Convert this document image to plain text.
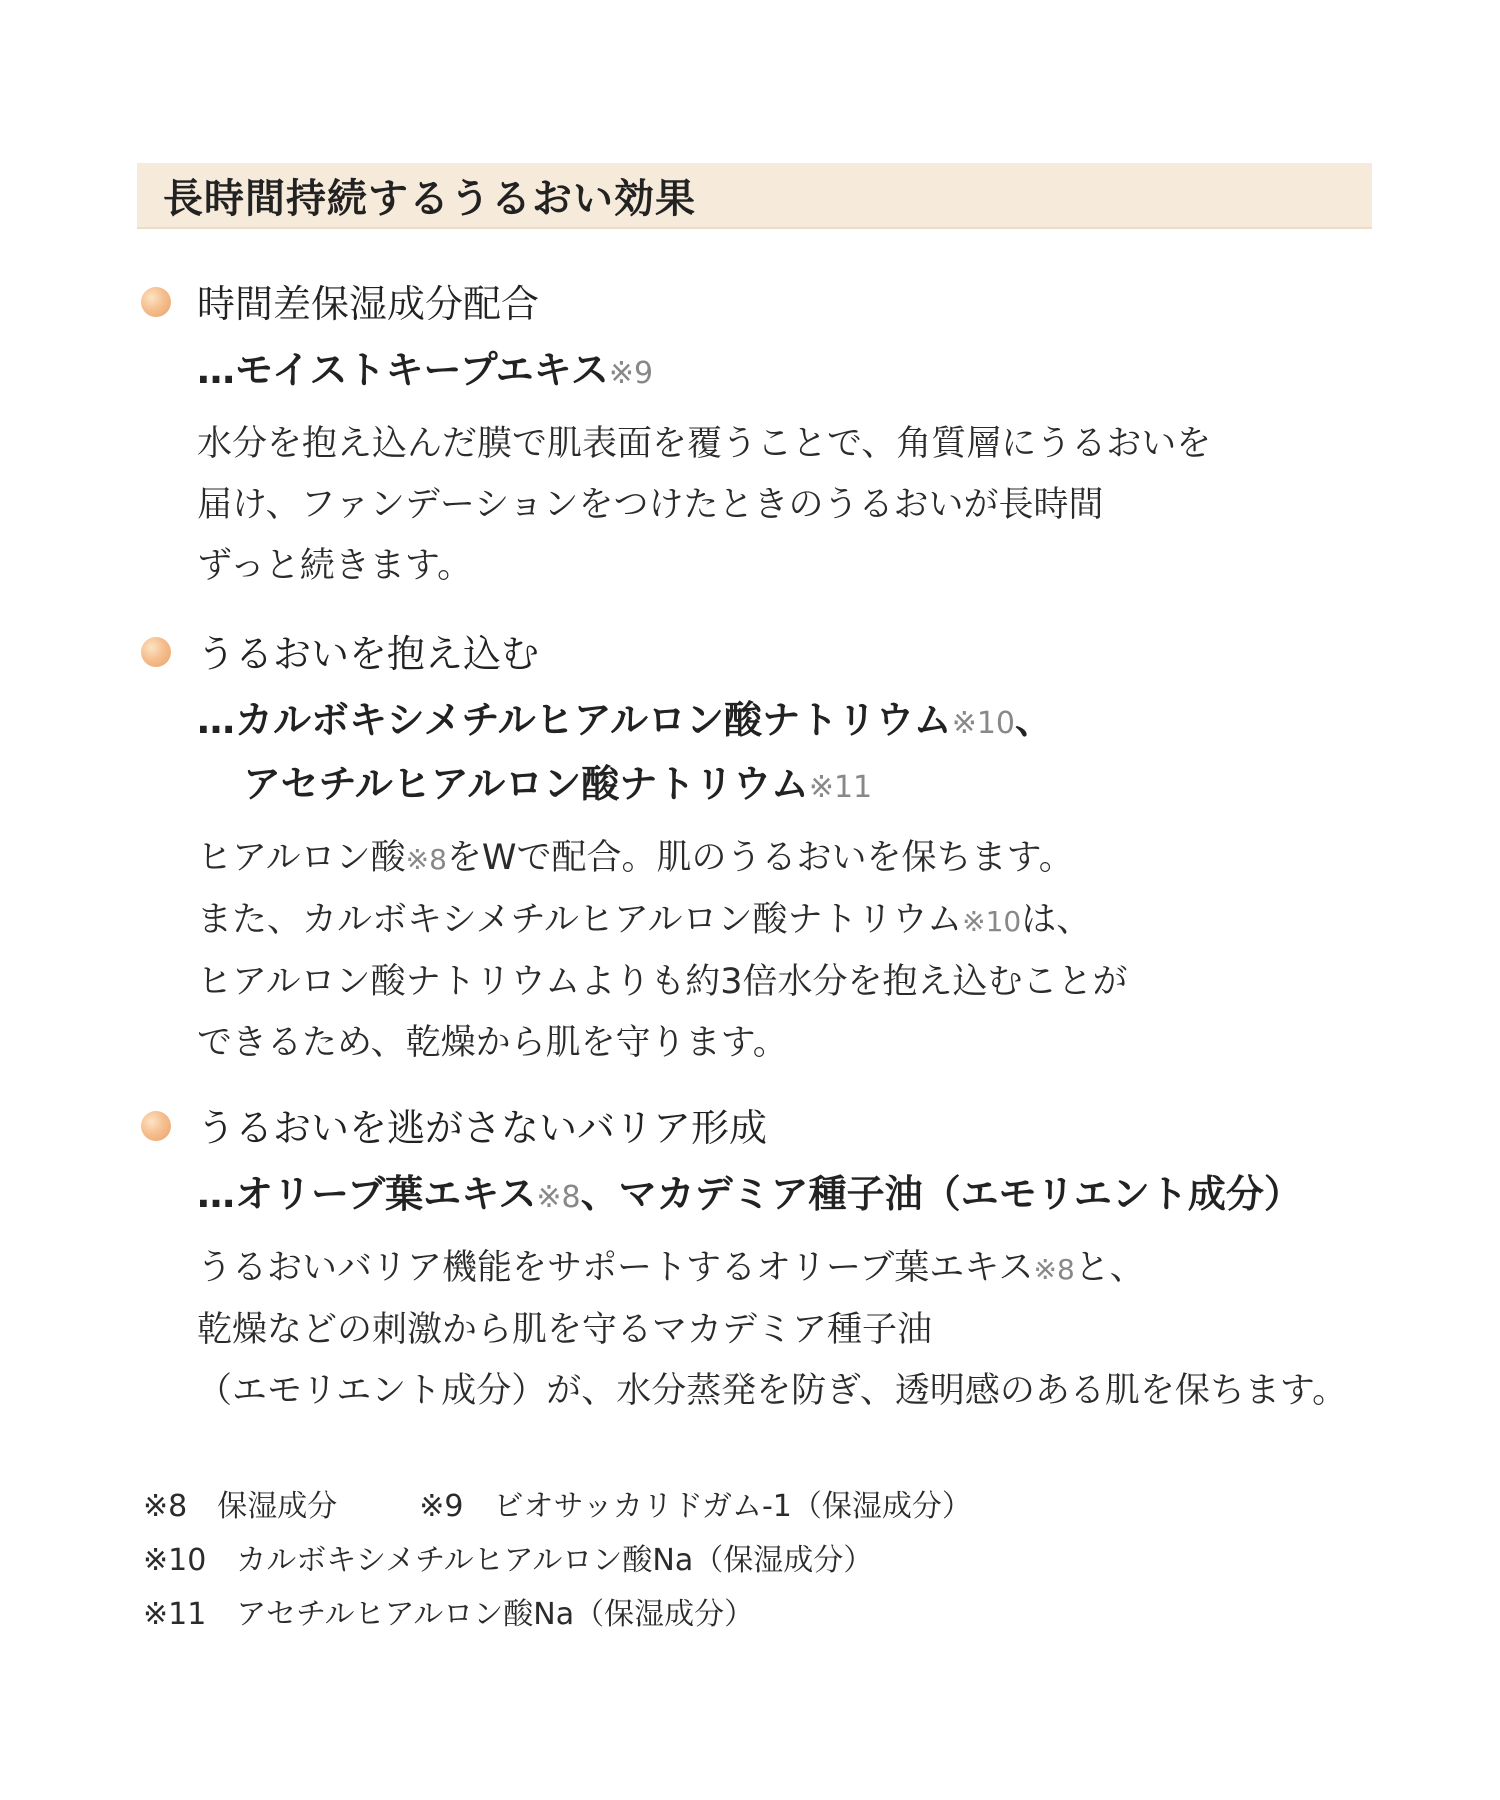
長時間持続するうるおい効果
時間差保湿成分配合
…モイストキープエキス※9
水分を抱え込んだ膜で肌表面を覆うことで、角質層にうるおいを
届け、ファンデーションをつけたときのうるおいが長時間
ずっと続きます。
うるおいを抱え込む
…カルボキシメチルヒアルロン酸ナトリウム※10、
アセチルヒアルロン酸ナトリウム※11
ヒアルロン酸※8をWで配合。肌のうるおいを保ちます。
また、カルボキシメチルヒアルロン酸ナトリウム※10は、
ヒアルロン酸ナトリウムよりも約3倍水分を抱え込むことが
できるため、乾燥から肌を守ります。
うるおいを逃がさないバリア形成
…オリーブ葉エキス※8、マカデミア種子油（エモリエント成分）
うるおいバリア機能をサポートするオリーブ葉エキス※8と、
乾燥などの刺激から肌を守るマカデミア種子油
（エモリエント成分）が、水分蒸発を防ぎ、透明感のある肌を保ちます。
※8　保湿成分	※9　ビオサッカリドガム-1（保湿成分）
※10　カルボキシメチルヒアルロン酸Na（保湿成分）
※11　アセチルヒアルロン酸Na（保湿成分）
